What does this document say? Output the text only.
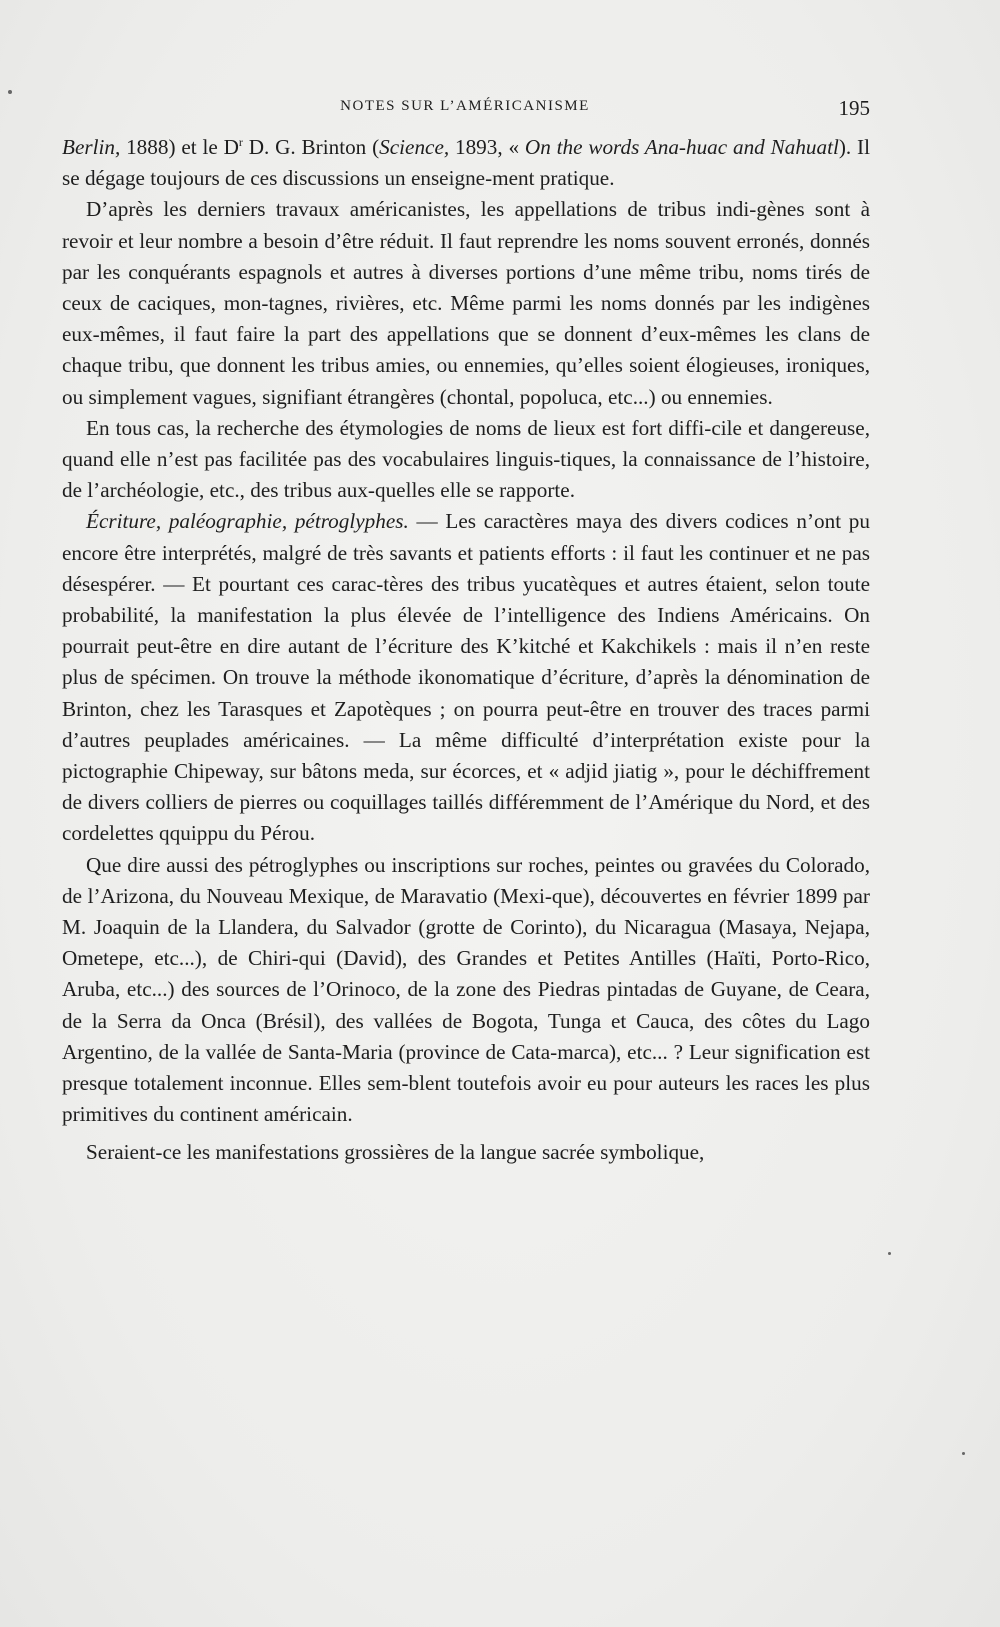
NOTES SUR L’AMÉRICANISME	195

Berlin, 1888) et le $D^r$ D. G. Brinton (Science, 1893, « On the words Ana-huac and Nahuatl). Il se dégage toujours de ces discussions un enseigne-ment pratique.

D’après les derniers travaux américanistes, les appellations de tribus indi-gènes sont à revoir et leur nombre a besoin d’être réduit. Il faut reprendre les noms souvent erronés, donnés par les conquérants espagnols et autres à diverses portions d’une même tribu, noms tirés de ceux de caciques, mon-tagnes, rivières, etc. Même parmi les noms donnés par les indigènes eux-mêmes, il faut faire la part des appellations que se donnent d’eux-mêmes les clans de chaque tribu, que donnent les tribus amies, ou ennemies, qu’elles soient élogieuses, ironiques, ou simplement vagues, signifiant étrangères (chontal, popoluca, etc...) ou ennemies.

En tous cas, la recherche des étymologies de noms de lieux est fort diffi-cile et dangereuse, quand elle n’est pas facilitée pas des vocabulaires linguis-tiques, la connaissance de l’histoire, de l’archéologie, etc., des tribus aux-quelles elle se rapporte.

Écriture, paléographie, pétroglyphes. — Les caractères maya des divers codices n’ont pu encore être interprétés, malgré de très savants et patients efforts : il faut les continuer et ne pas désespérer. — Et pourtant ces carac-tères des tribus yucatèques et autres étaient, selon toute probabilité, la manifestation la plus élevée de l’intelligence des Indiens Américains. On pourrait peut-être en dire autant de l’écriture des K’kitché et Kakchikels : mais il n’en reste plus de spécimen. On trouve la méthode ikonomatique d’écriture, d’après la dénomination de Brinton, chez les Tarasques et Zapotèques ; on pourra peut-être en trouver des traces parmi d’autres peuplades américaines. — La même difficulté d’interprétation existe pour la pictographie Chipeway, sur bâtons meda, sur écorces, et « adjid jiatig », pour le déchiffrement de divers colliers de pierres ou coquillages taillés différemment de l’Amérique du Nord, et des cordelettes qquippu du Pérou.

Que dire aussi des pétroglyphes ou inscriptions sur roches, peintes ou gravées du Colorado, de l’Arizona, du Nouveau Mexique, de Maravatio (Mexi-que), découvertes en février 1899 par M. Joaquin de la Llandera, du Salvador (grotte de Corinto), du Nicaragua (Masaya, Nejapa, Ometepe, etc...), de Chiri-qui (David), des Grandes et Petites Antilles (Haïti, Porto-Rico, Aruba, etc...) des sources de l’Orinoco, de la zone des Piedras pintadas de Guyane, de Ceara, de la Serra da Onca (Brésil), des vallées de Bogota, Tunga et Cauca, des côtes du Lago Argentino, de la vallée de Santa-Maria (province de Cata-marca), etc... ? Leur signification est presque totalement inconnue. Elles sem-blent toutefois avoir eu pour auteurs les races les plus primitives du continent américain.

Seraient-ce les manifestations grossières de la langue sacrée symbolique,
